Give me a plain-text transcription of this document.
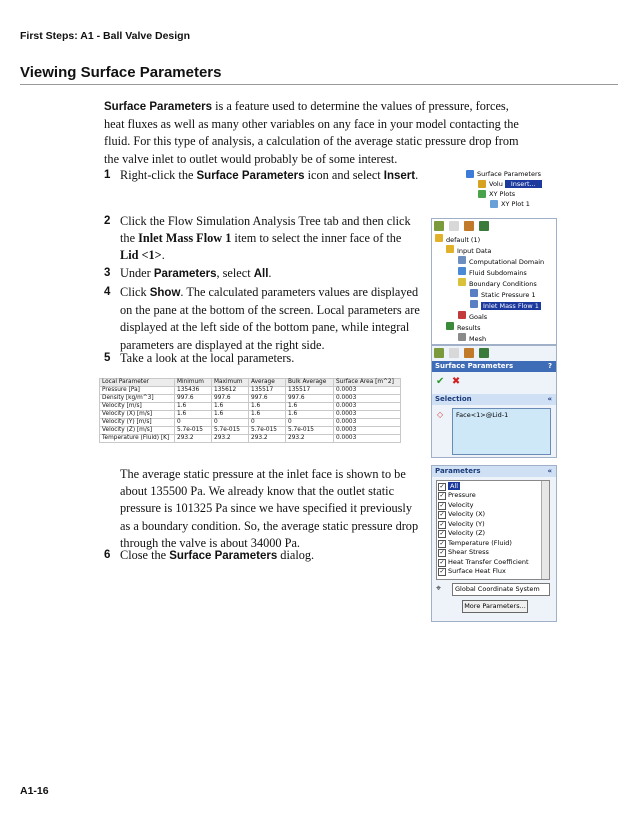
First Steps: A1 - Ball Valve Design
Viewing Surface Parameters
Surface Parameters is a feature used to determine the values of pressure, forces, heat fluxes as well as many other variables on any face in your model contacting the fluid. For this type of analysis, a calculation of the average static pressure drop from the valve inlet to outlet would probably be of some interest.
1 Right-click the Surface Parameters icon and select Insert.
2 Click the Flow Simulation Analysis Tree tab and then click the Inlet Mass Flow 1 item to select the inner face of the Lid <1>.
3 Under Parameters, select All.
4 Click Show. The calculated parameters values are displayed on the pane at the bottom of the screen. Local parameters are displayed at the left side of the bottom pane, while integral parameters are displayed at the right side.
5 Take a look at the local parameters.
Local Parameter	Minimum	Maximum	Average	Bulk Average	Surface Area [m^2]
Pressure [Pa]	135436	135612	135517	135517	0.0003
Density [kg/m^3]	997.6	997.6	997.6	997.6	0.0003
Velocity [m/s]	1.6	1.6	1.6	1.6	0.0003
Velocity (X) [m/s]	1.6	1.6	1.6	1.6	0.0003
Velocity (Y) [m/s]	0	0	0	0	0.0003
Velocity (Z) [m/s]	5.7e-015	5.7e-015	5.7e-015	5.7e-015	0.0003
Temperature (Fluid) [K]	293.2	293.2	293.2	293.2	0.0003
The average static pressure at the inlet face is shown to be about 135500 Pa. We already know that the outlet static pressure is 101325 Pa since we have specified it previously as a boundary condition. So, the average static pressure drop through the valve is about 34000 Pa.
6 Close the Surface Parameters dialog.
Surface Parameters
Volu	Insert...
XY Plots
XY Plot 1
default (1)
Input Data
Computational Domain
Fluid Subdomains
Boundary Conditions
Static Pressure 1
Inlet Mass Flow 1
Goals
Results
Mesh
Surface Parameters	?
✔ ✖
Selection	«
◇ Face<1>@Lid-1
Parameters	«
✓ All
✓ Pressure
✓ Velocity
✓ Velocity (X)
✓ Velocity (Y)
✓ Velocity (Z)
✓ Temperature (Fluid)
✓ Shear Stress
✓ Heat Transfer Coefficient
✓ Surface Heat Flux
⌖ Global Coordinate System
More Parameters...
A1-16
